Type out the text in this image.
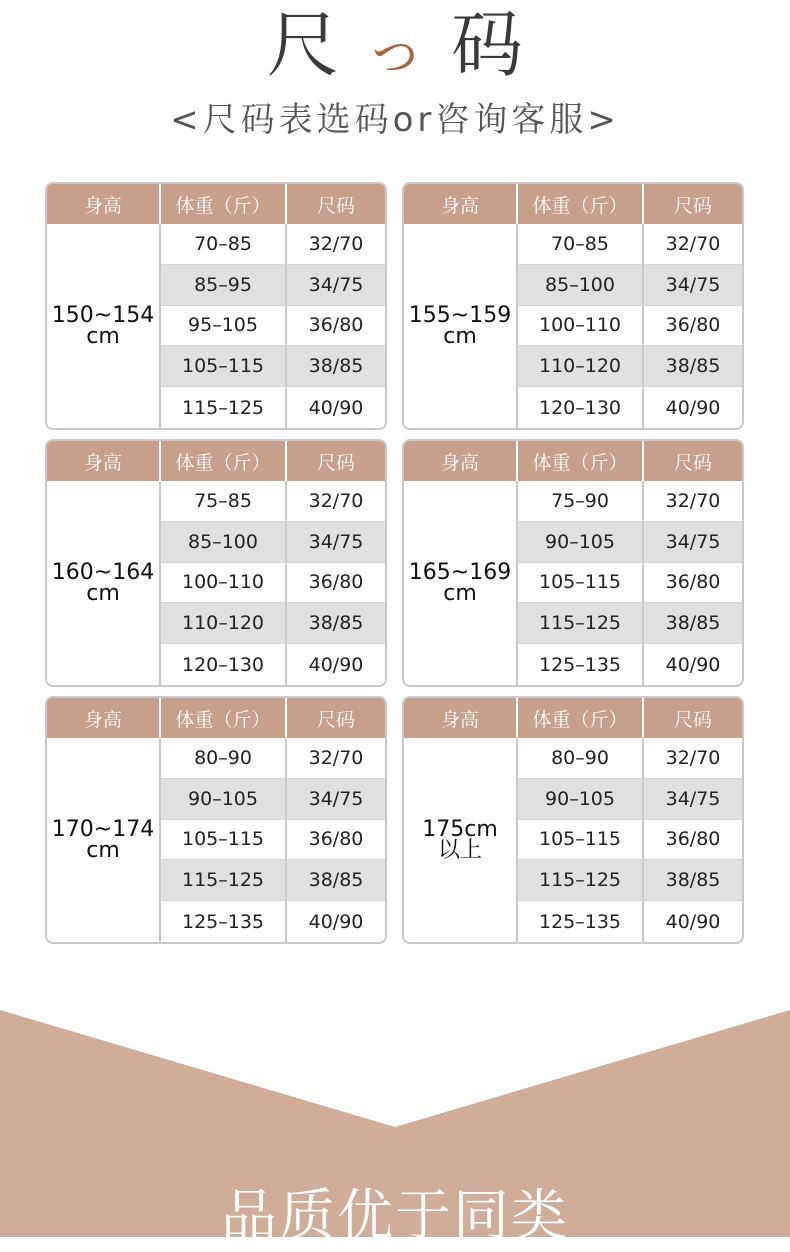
尺 っ 码
<尺码表选码or咨询客服>
身高	体重（斤）	尺码
150~154
cm
70–85	32/70
85–95	34/75
95–105	36/80
105–115	38/85
115–125	40/90
身高	体重（斤）	尺码
155~159
cm
70–85	32/70
85–100	34/75
100–110	36/80
110–120	38/85
120–130	40/90
身高	体重（斤）	尺码
160~164
cm
75–85	32/70
85–100	34/75
100–110	36/80
110–120	38/85
120–130	40/90
身高	体重（斤）	尺码
165~169
cm
75–90	32/70
90–105	34/75
105–115	36/80
115–125	38/85
125–135	40/90
身高	体重（斤）	尺码
170~174
cm
80–90	32/70
90–105	34/75
105–115	36/80
115–125	38/85
125–135	40/90
身高	体重（斤）	尺码
175cm
以上
80–90	32/70
90–105	34/75
105–115	36/80
115–125	38/85
125–135	40/90
品质优于同类
